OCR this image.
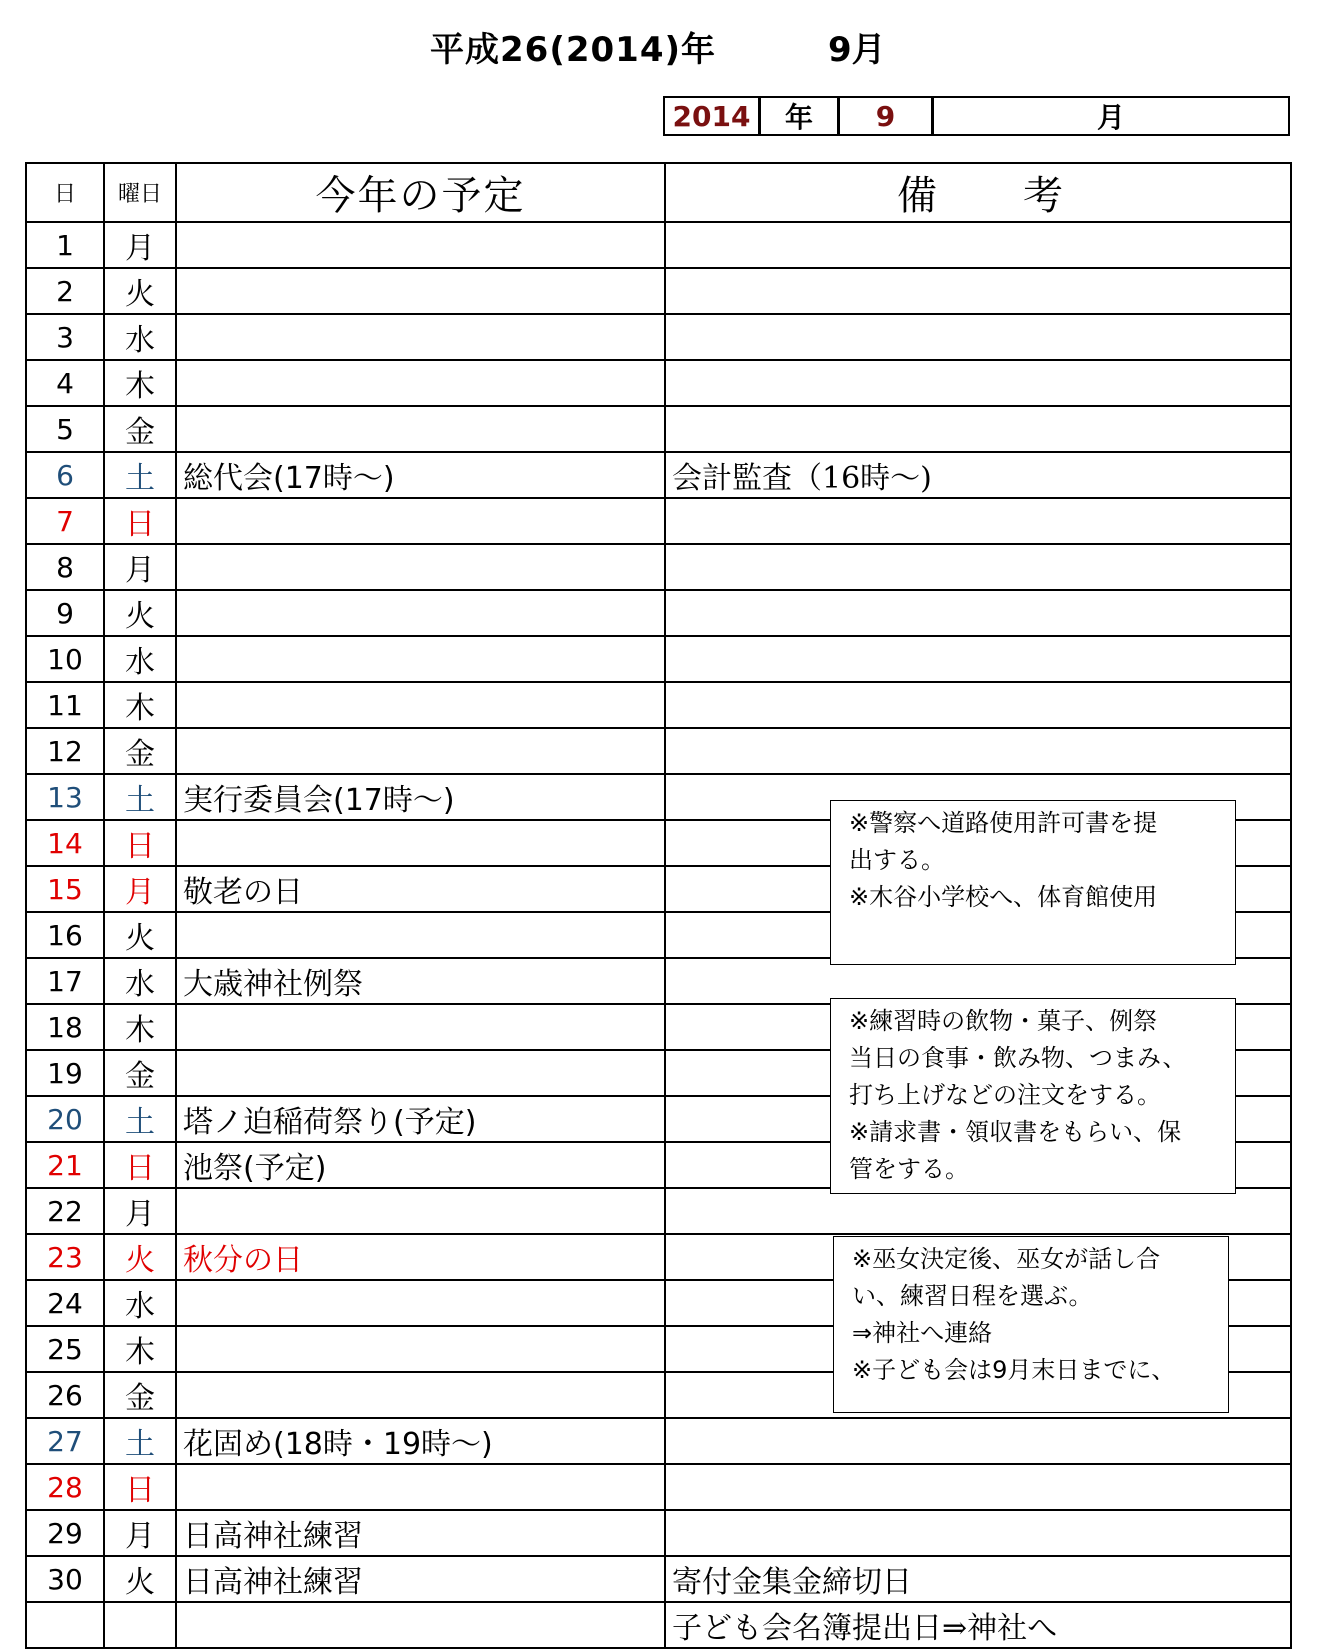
平成26(2014)年	9月
2014	年	9	月
日	曜日	今年の予定	備　　考
1	月		
2	火		
3	水		
4	木		
5	金		
6	土	総代会(17時～)	会計監査（16時～)
7	日		
8	月		
9	火		
10	水		
11	木		
12	金		
13	土	実行委員会(17時～)	
14	日		
15	月	敬老の日	
16	火		
17	水	大歳神社例祭	
18	木		
19	金		
20	土	塔ノ迫稲荷祭り(予定)	
21	日	池祭(予定)	
22	月		
23	火	秋分の日	
24	水		
25	木		
26	金		
27	土	花固め(18時・19時～)	
28	日		
29	月	日高神社練習	
30	火	日高神社練習	寄付金集金締切日
			子ども会名簿提出日⇒神社へ

※警察へ道路使用許可書を提

出する。

※木谷小学校へ、体育館使用

※練習時の飲物・菓子、例祭

当日の食事・飲み物、つまみ、

打ち上げなどの注文をする。

※請求書・領収書をもらい、保

管をする。

※巫女決定後、巫女が話し合

い、練習日程を選ぶ。

⇒神社へ連絡

※子ども会は9月末日までに、
